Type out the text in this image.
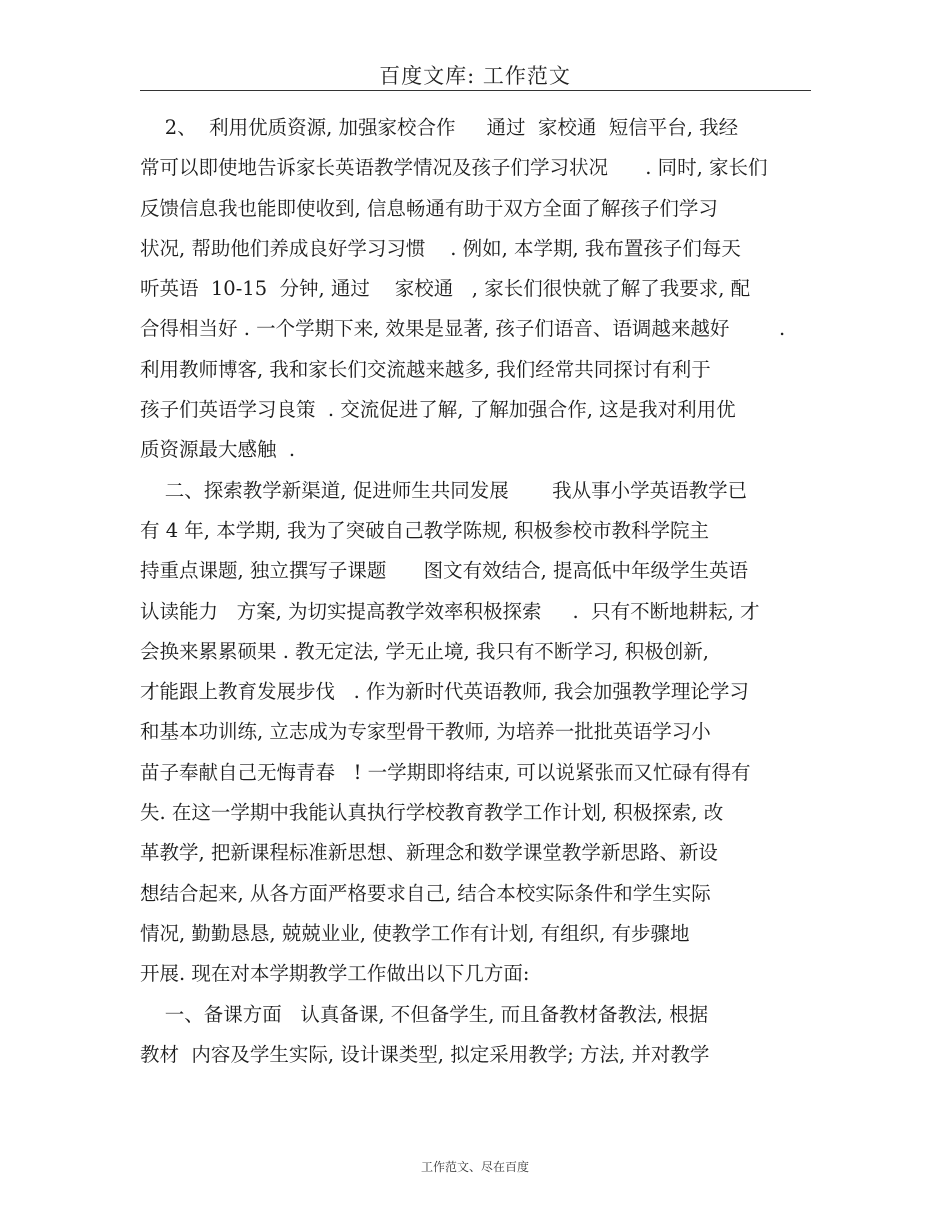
百度文库: 工作范文
2、  利用优质资源, 加强家校合作     通过  家校通  短信平台, 我经
常可以即使地告诉家长英语教学情况及孩子们学习状况      . 同时, 家长们
反馈信息我也能即使收到, 信息畅通有助于双方全面了解孩子们学习
状况, 帮助他们养成良好学习习惯    . 例如, 本学期, 我布置孩子们每天
听英语  10-15  分钟, 通过    家校通   , 家长们很快就了解了我要求, 配
合得相当好 . 一个学期下来, 效果是显著, 孩子们语音、语调越来越好        .
利用教师博客, 我和家长们交流越来越多, 我们经常共同探讨有利于
孩子们英语学习良策  . 交流促进了解, 了解加强合作, 这是我对利用优
质资源最大感触  .
二、探索教学新渠道, 促进师生共同发展       我从事小学英语教学已
有 4 年, 本学期, 我为了突破自己教学陈规, 积极参校市教科学院主
持重点课题, 独立撰写子课题      图文有效结合, 提高低中年级学生英语
认读能力   方案, 为切实提高教学效率积极探索     .  只有不断地耕耘, 才
会换来累累硕果 . 教无定法, 学无止境, 我只有不断学习, 积极创新,
才能跟上教育发展步伐   . 作为新时代英语教师, 我会加强教学理论学习
和基本功训练, 立志成为专家型骨干教师, 为培养一批批英语学习小
苗子奉献自己无悔青春   ! 一学期即将结束, 可以说紧张而又忙碌有得有
失. 在这一学期中我能认真执行学校教育教学工作计划, 积极探索, 改
革教学, 把新课程标准新思想、新理念和数学课堂教学新思路、新设
想结合起来, 从各方面严格要求自己, 结合本校实际条件和学生实际
情况, 勤勤恳恳, 兢兢业业, 使教学工作有计划, 有组织, 有步骤地
开展. 现在对本学期教学工作做出以下几方面:
一、备课方面   认真备课, 不但备学生, 而且备教材备教法, 根据
教材  内容及学生实际, 设计课类型, 拟定采用教学; 方法, 并对教学
工作范文、尽在百度
